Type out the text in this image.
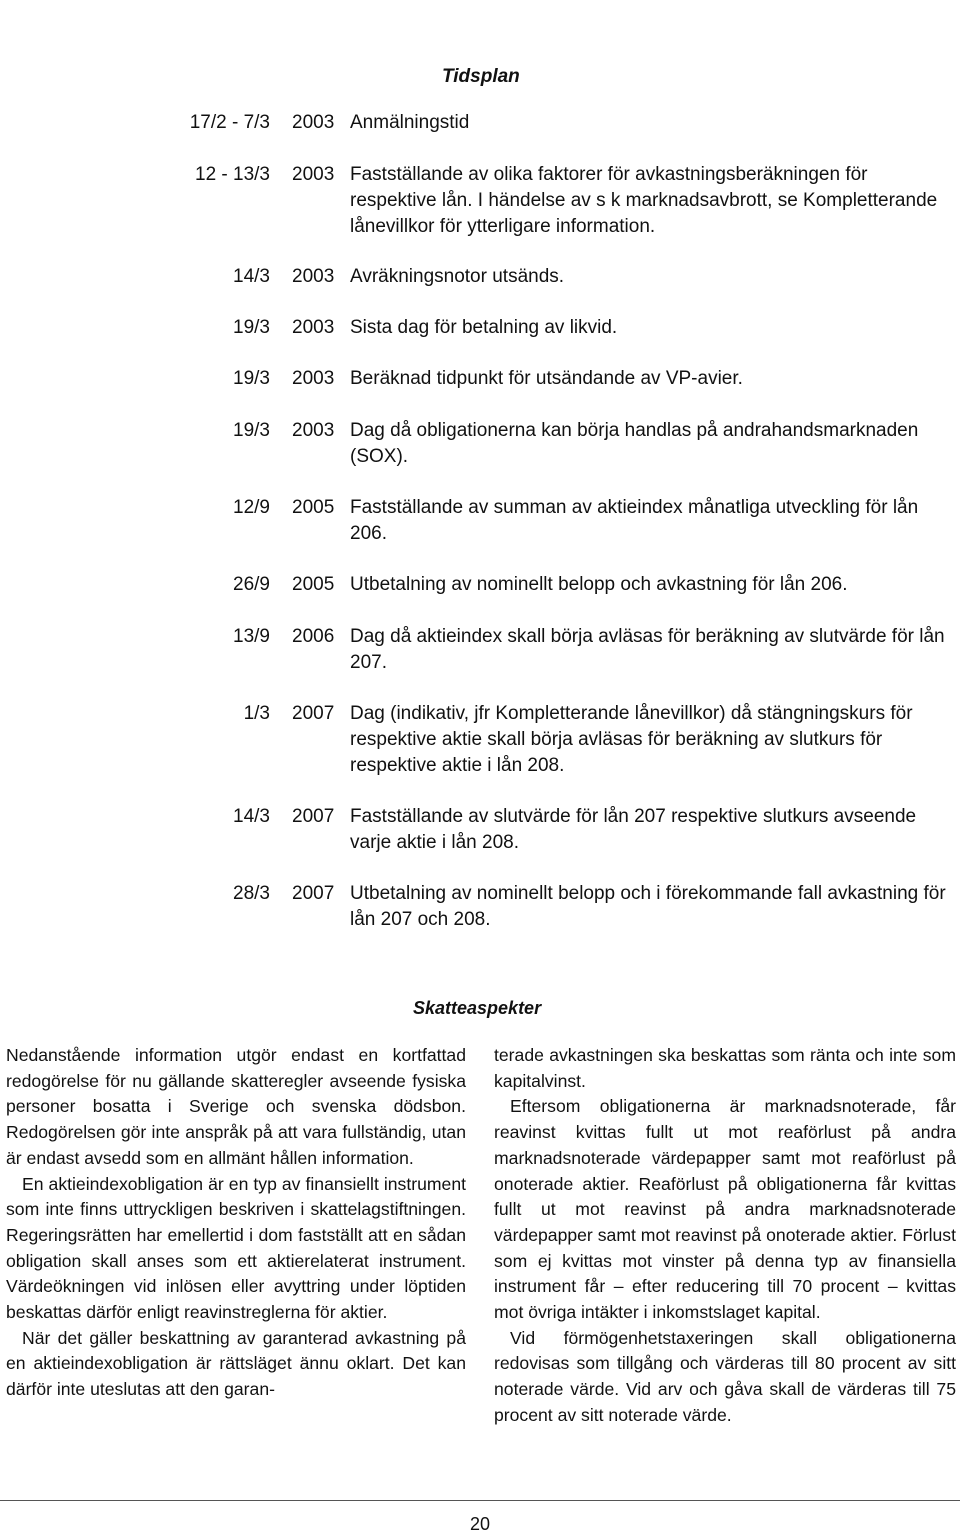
Tidsplan
17/2 - 7/3 2003 Anmälningstid
12 - 13/3 2003 Fastställande av olika faktorer för avkastningsberäkningen för respektive lån. I händelse av s k marknadsavbrott, se Kompletterande lånevillkor för ytterligare information.
14/3 2003 Avräkningsnotor utsänds.
19/3 2003 Sista dag för betalning av likvid.
19/3 2003 Beräknad tidpunkt för utsändande av VP-avier.
19/3 2003 Dag då obligationerna kan börja handlas på andrahandsmarknaden (SOX).
12/9 2005 Fastställande av summan av aktieindex månatliga utveckling för lån 206.
26/9 2005 Utbetalning av nominellt belopp och avkastning för lån 206.
13/9 2006 Dag då aktieindex skall börja avläsas för beräkning av slutvärde för lån 207.
1/3 2007 Dag (indikativ, jfr Kompletterande lånevillkor) då stängningskurs för respektive aktie skall börja avläsas för beräkning av slutkurs för respektive aktie i lån 208.
14/3 2007 Fastställande av slutvärde för lån 207 respektive slutkurs avseende varje aktie i lån 208.
28/3 2007 Utbetalning av nominellt belopp och i förekommande fall avkastning för lån 207 och 208.
Skatteaspekter

Nedanstående information utgör endast en kortfattad redogörelse för nu gällande skatteregler avseende fysiska personer bosatta i Sverige och svenska dödsbon. Redogörelsen gör inte anspråk på att vara fullständig, utan är endast avsedd som en allmänt hållen information.

En aktieindexobligation är en typ av finansiellt instrument som inte finns uttryckligen beskriven i skattelagstiftningen. Regeringsrätten har emellertid i dom fastställt att en sådan obligation skall anses som ett aktierelaterat instrument. Värdeökningen vid inlösen eller avyttring under löptiden beskattas därför enligt reavinstreglerna för aktier.

När det gäller beskattning av garanterad avkastning på en aktieindexobligation är rättsläget ännu oklart. Det kan därför inte uteslutas att den garan-

terade avkastningen ska beskattas som ränta och inte som kapitalvinst.

Eftersom obligationerna är marknadsnoterade, får reavinst kvittas fullt ut mot reaförlust på andra marknadsnoterade värdepapper samt mot reaförlust på onoterade aktier. Reaförlust på obligationerna får kvittas fullt ut mot reavinst på andra marknadsnoterade värdepapper samt mot reavinst på onoterade aktier. Förlust som ej kvittas mot vinster på denna typ av finansiella instrument får – efter reducering till 70 procent – kvittas mot övriga intäkter i inkomstslaget kapital.

Vid förmögenhetstaxeringen skall obligationerna redovisas som tillgång och värderas till 80 procent av sitt noterade värde. Vid arv och gåva skall de värderas till 75 procent av sitt noterade värde.

20
